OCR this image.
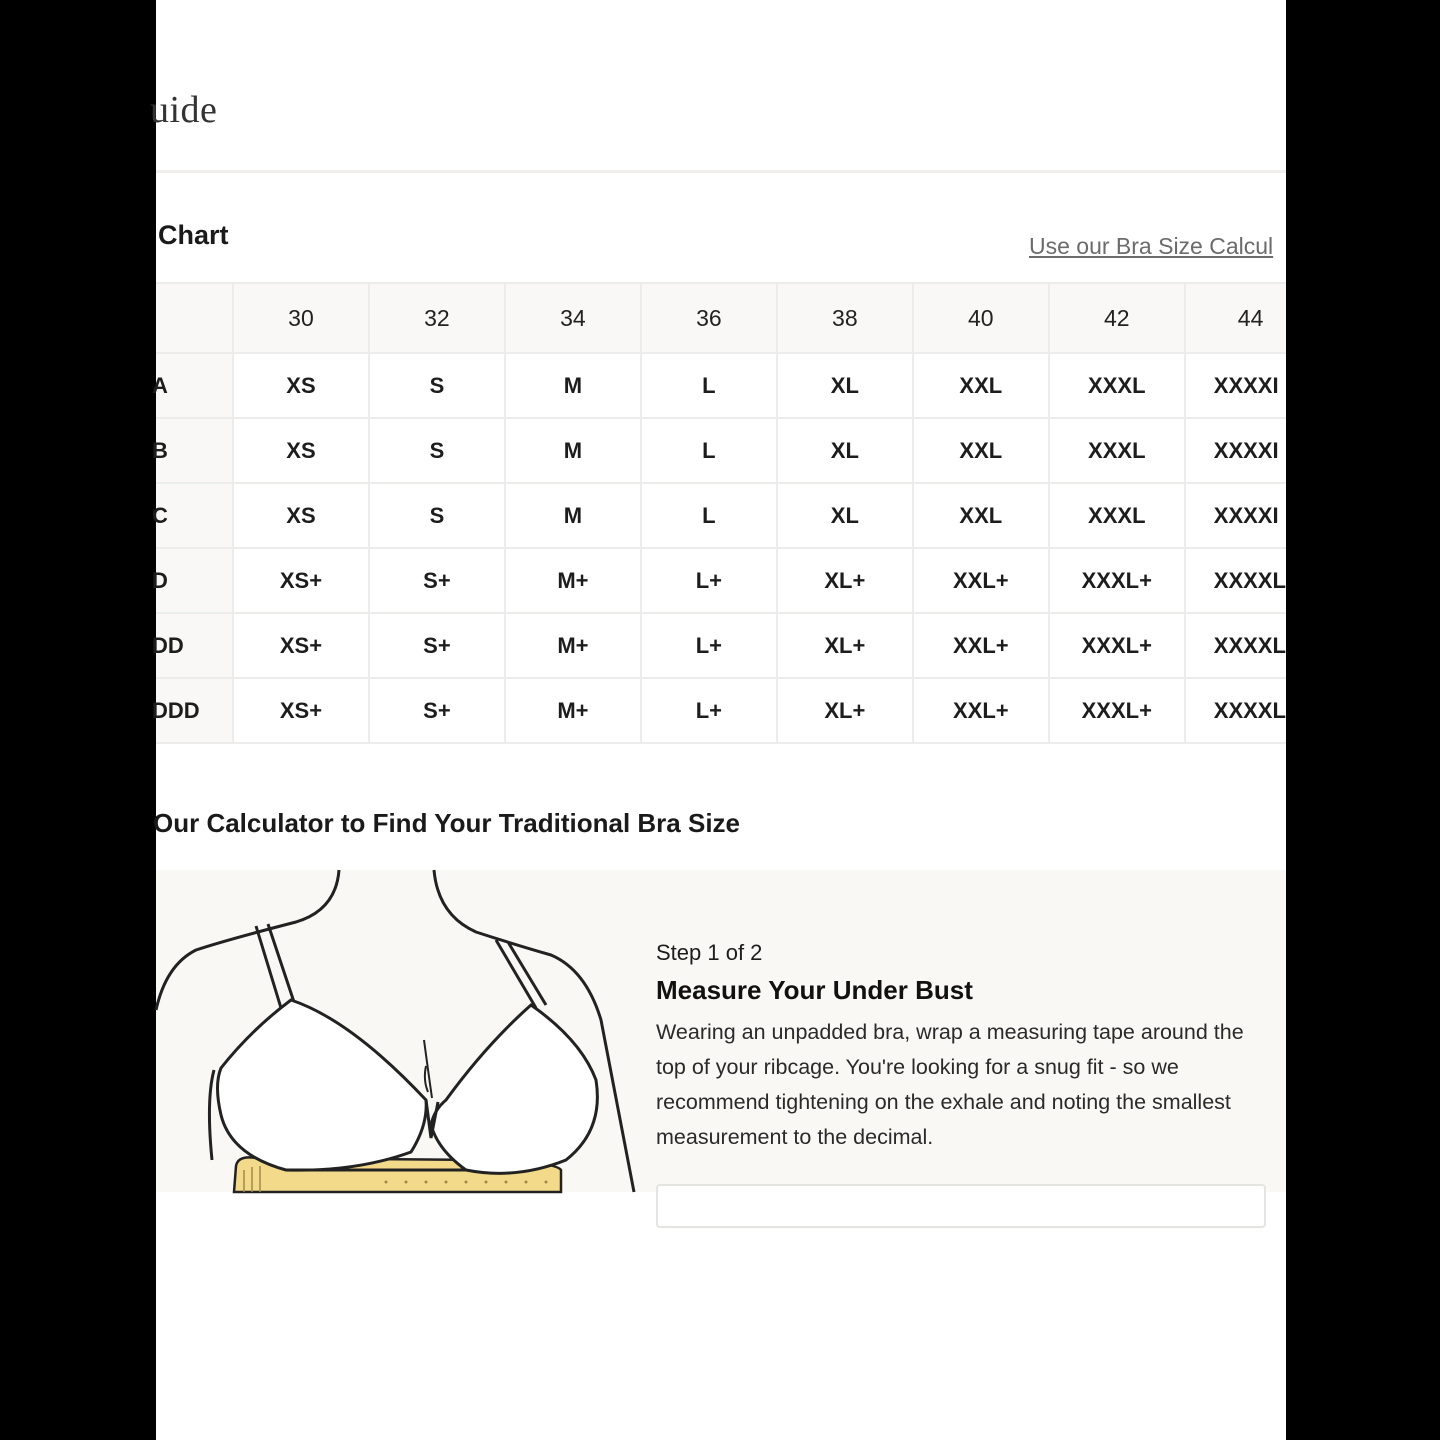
uide
Chart	Use our Bra Size Calcul
	30	32	34	36	38	40	42	44
A	XS	S	M	L	XL	XXL	XXXL	XXXXI
B	XS	S	M	L	XL	XXL	XXXL	XXXXI
C	XS	S	M	L	XL	XXL	XXXL	XXXXI
D	XS+	S+	M+	L+	XL+	XXL+	XXXL+	XXXXL
DD	XS+	S+	M+	L+	XL+	XXL+	XXXL+	XXXXL
DDD	XS+	S+	M+	L+	XL+	XXL+	XXXL+	XXXXL
Our Calculator to Find Your Traditional Bra Size
Step 1 of 2
Measure Your Under Bust
Wearing an unpadded bra, wrap a measuring tape around the top of your ribcage. You're looking for a snug fit - so we recommend tightening on the exhale and noting the smallest measurement to the decimal.
